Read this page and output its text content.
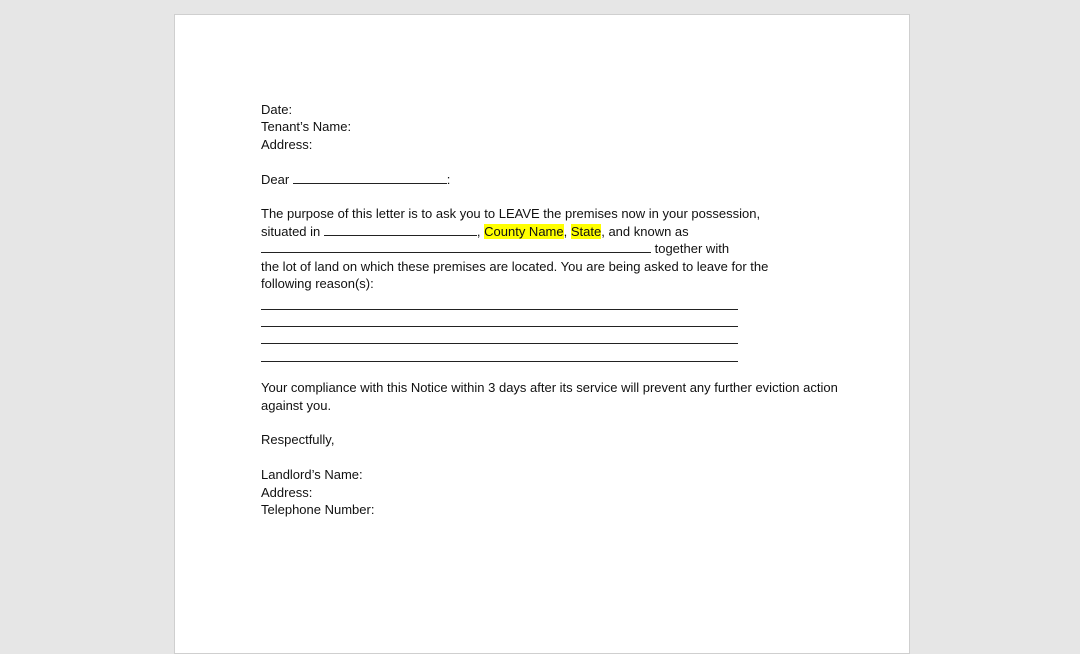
Date:
Tenant’s Name:
Address:
Dear	:
The purpose of this letter is to ask you to LEAVE the premises now in your possession,
situated in	, County Name, State, and known as
together with
the lot of land on which these premises are located. You are being asked to leave for the
following reason(s):
Your compliance with this Notice within 3 days after its service will prevent any further eviction action
against you.
Respectfully,
Landlord’s Name:
Address:
Telephone Number:
